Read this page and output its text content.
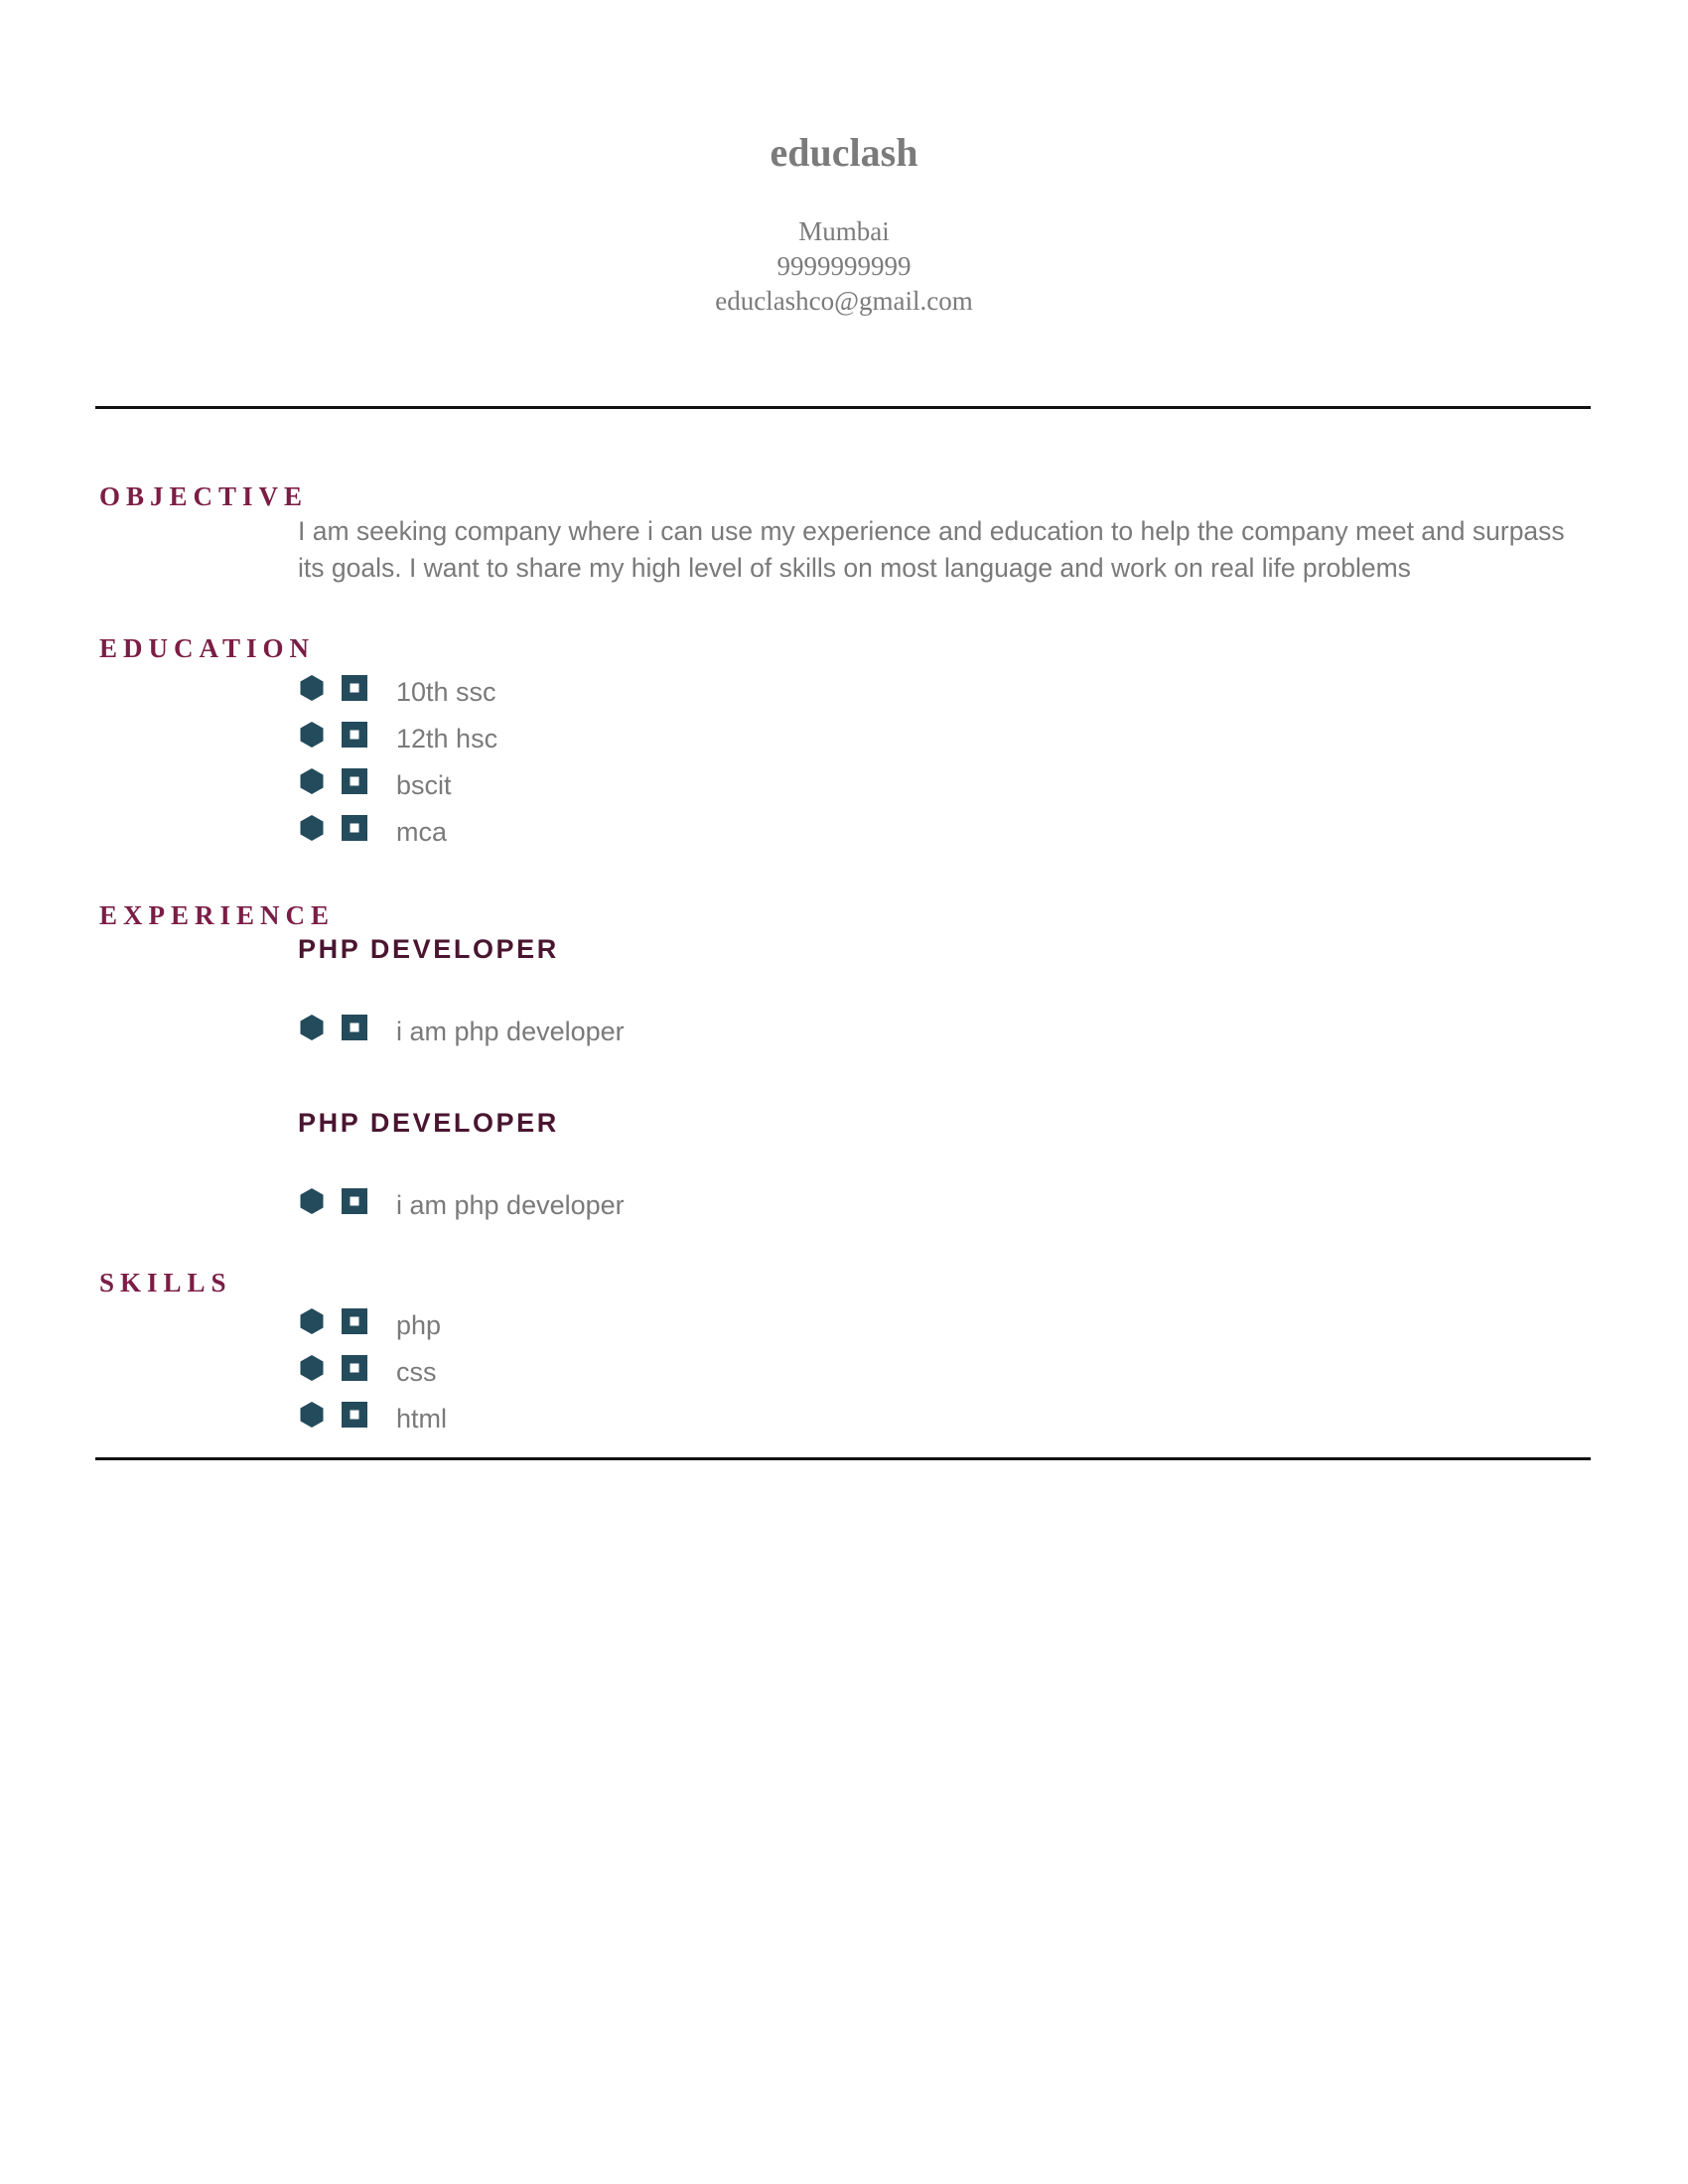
educlash
Mumbai
9999999999
educlashco@gmail.com
OBJECTIVE

I am seeking company where i can use my experience and education to help the company meet and surpass its goals. I want to share my high level of skills on most language and work on real life problems

EDUCATION
10th ssc
12th hsc
bscit
mca
EXPERIENCE
PHP DEVELOPER
i am php developer
PHP DEVELOPER
i am php developer
SKILLS
php
css
html
